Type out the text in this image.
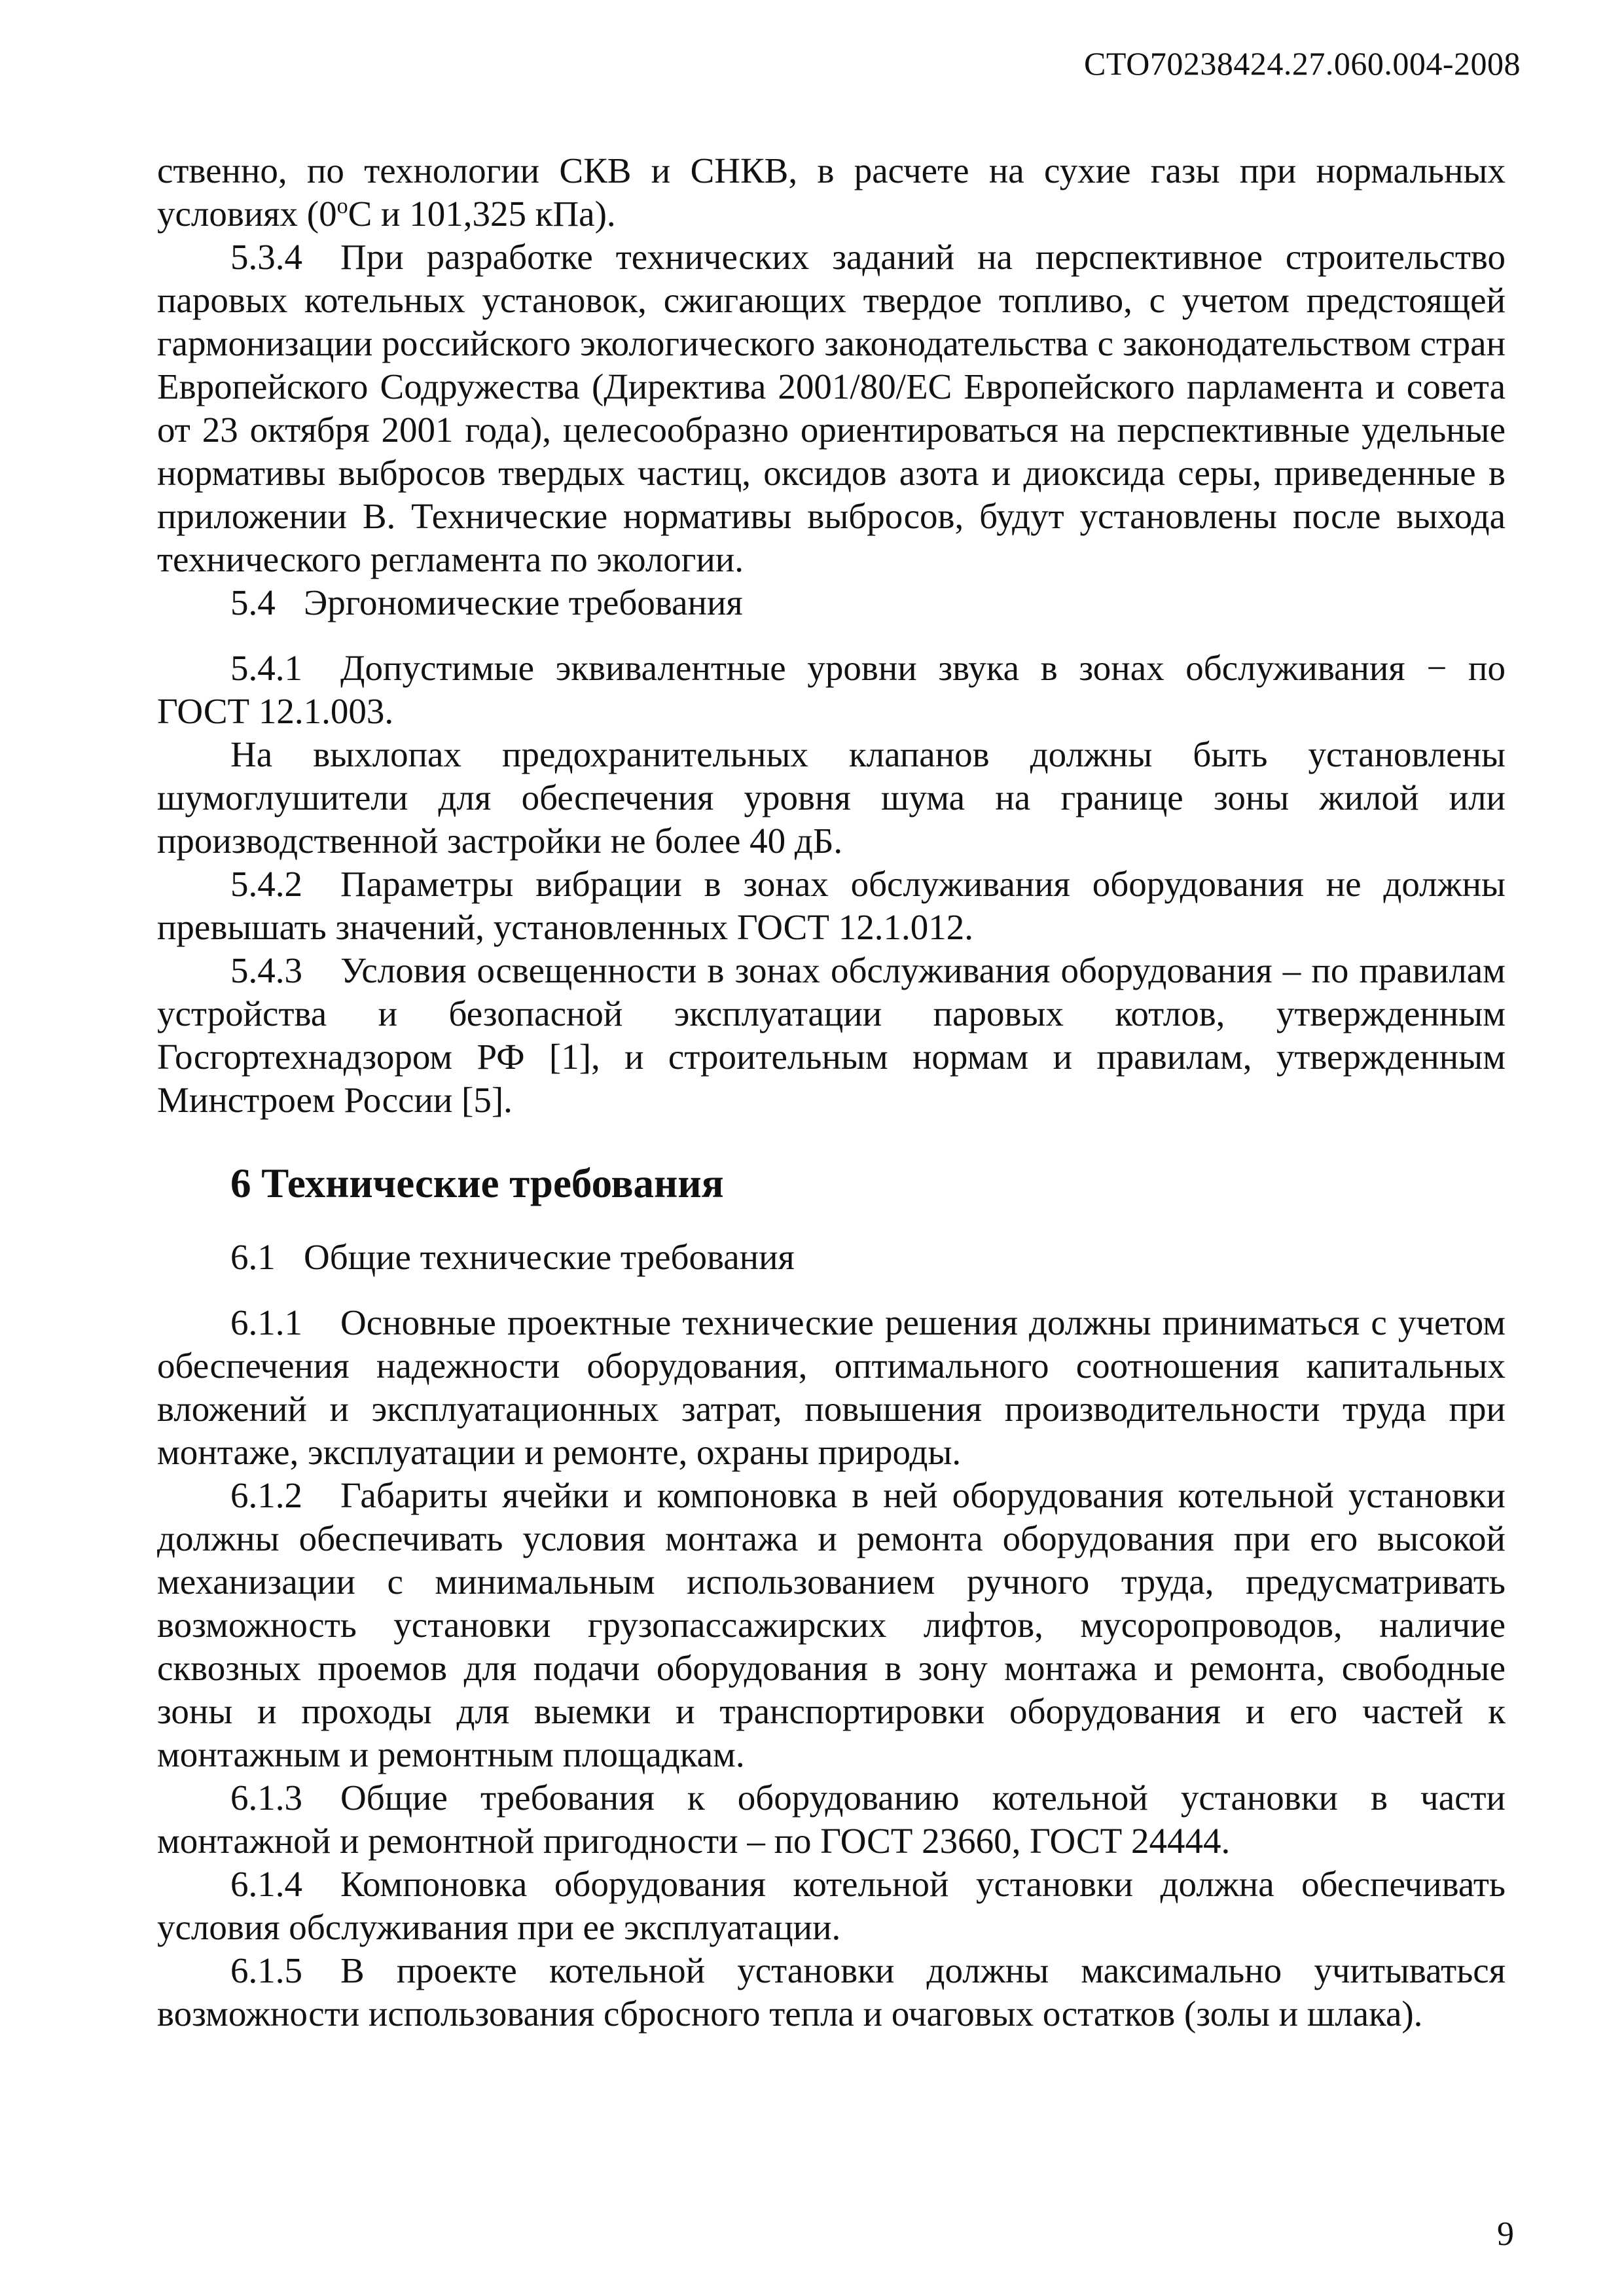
СТО70238424.27.060.004-2008

ственно, по технологии СКВ и СНКВ, в расчете на сухие газы при нормальных условиях (0$^o$С и 101,325 кПа).

5.3.4 При разработке технических заданий на перспективное строительство паровых котельных установок, сжигающих твердое топливо, с учетом предстоящей гармонизации российского экологического законодательства с законодательством стран Европейского Содружества (Директива 2001/80/ЕС Европейского парламента и совета от 23 октября 2001 года), целесообразно ориентироваться на перспективные удельные нормативы выбросов твердых частиц, оксидов азота и диоксида серы, приведенные в приложении В. Технические нормативы выбросов, будут установлены после выхода технического регламента по экологии.

5.4 Эргономические требования

5.4.1 Допустимые эквивалентные уровни звука в зонах обслуживания − по ГОСТ 12.1.003.

На выхлопах предохранительных клапанов должны быть установлены шумоглушители для обеспечения уровня шума на границе зоны жилой или производственной застройки не более 40 дБ.

5.4.2 Параметры вибрации в зонах обслуживания оборудования не должны превышать значений, установленных ГОСТ 12.1.012.

5.4.3 Условия освещенности в зонах обслуживания оборудования – по правилам устройства и безопасной эксплуатации паровых котлов, утвержденным Госгортехнадзором РФ [1], и строительным нормам и правилам, утвержденным Минстроем России [5].

6 Технические требования

6.1 Общие технические требования

6.1.1 Основные проектные технические решения должны приниматься с учетом обеспечения надежности оборудования, оптимального соотношения капитальных вложений и эксплуатационных затрат, повышения производительности труда при монтаже, эксплуатации и ремонте, охраны природы.

6.1.2 Габариты ячейки и компоновка в ней оборудования котельной установки должны обеспечивать условия монтажа и ремонта оборудования при его высокой механизации с минимальным использованием ручного труда, предусматривать возможность установки грузопассажирских лифтов, мусоропроводов, наличие сквозных проемов для подачи оборудования в зону монтажа и ремонта, свободные зоны и проходы для выемки и транспортировки оборудования и его частей к монтажным и ремонтным площадкам.

6.1.3 Общие требования к оборудованию котельной установки в части монтажной и ремонтной пригодности – по ГОСТ 23660, ГОСТ 24444.

6.1.4 Компоновка оборудования котельной установки должна обеспечивать условия обслуживания при ее эксплуатации.

6.1.5 В проекте котельной установки должны максимально учитываться возможности использования сбросного тепла и очаговых остатков (золы и шлака).

9
